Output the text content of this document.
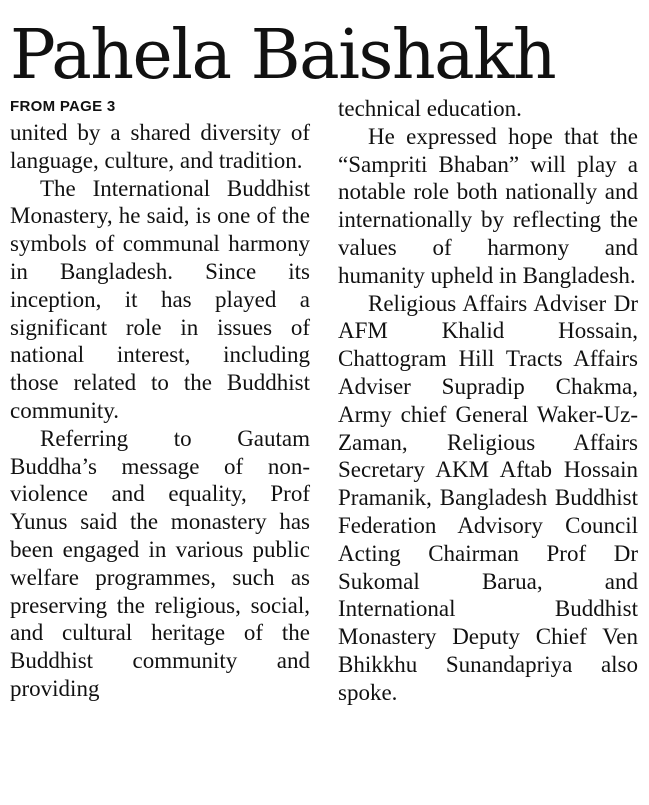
Pahela Baishakh
FROM PAGE 3

united by a shared diversity of language, culture, and tradition.

The International Buddhist Monastery, he said, is one of the symbols of communal harmony in Bangladesh. Since its inception, it has played a significant role in issues of national interest, including those related to the Buddhist community.

Referring to Gautam Buddha’s message of non-violence and equality, Prof Yunus said the monastery has been engaged in various public welfare programmes, such as preserving the religious, social, and cultural heritage of the Buddhist community and providing

technical education.

He expressed hope that the “Sampriti Bhaban” will play a notable role both nationally and internationally by reflecting the values of harmony and humanity upheld in Bangladesh.

Religious Affairs Adviser Dr AFM Khalid Hossain, Chattogram Hill Tracts Affairs Adviser Supradip Chakma, Army chief General Waker-Uz-Zaman, Religious Affairs Secretary AKM Aftab Hossain Pramanik, Bangladesh Buddhist Federation Advisory Council Acting Chairman Prof Dr Sukomal Barua, and International Buddhist Monastery Deputy Chief Ven Bhikkhu Sunandapriya also spoke.
